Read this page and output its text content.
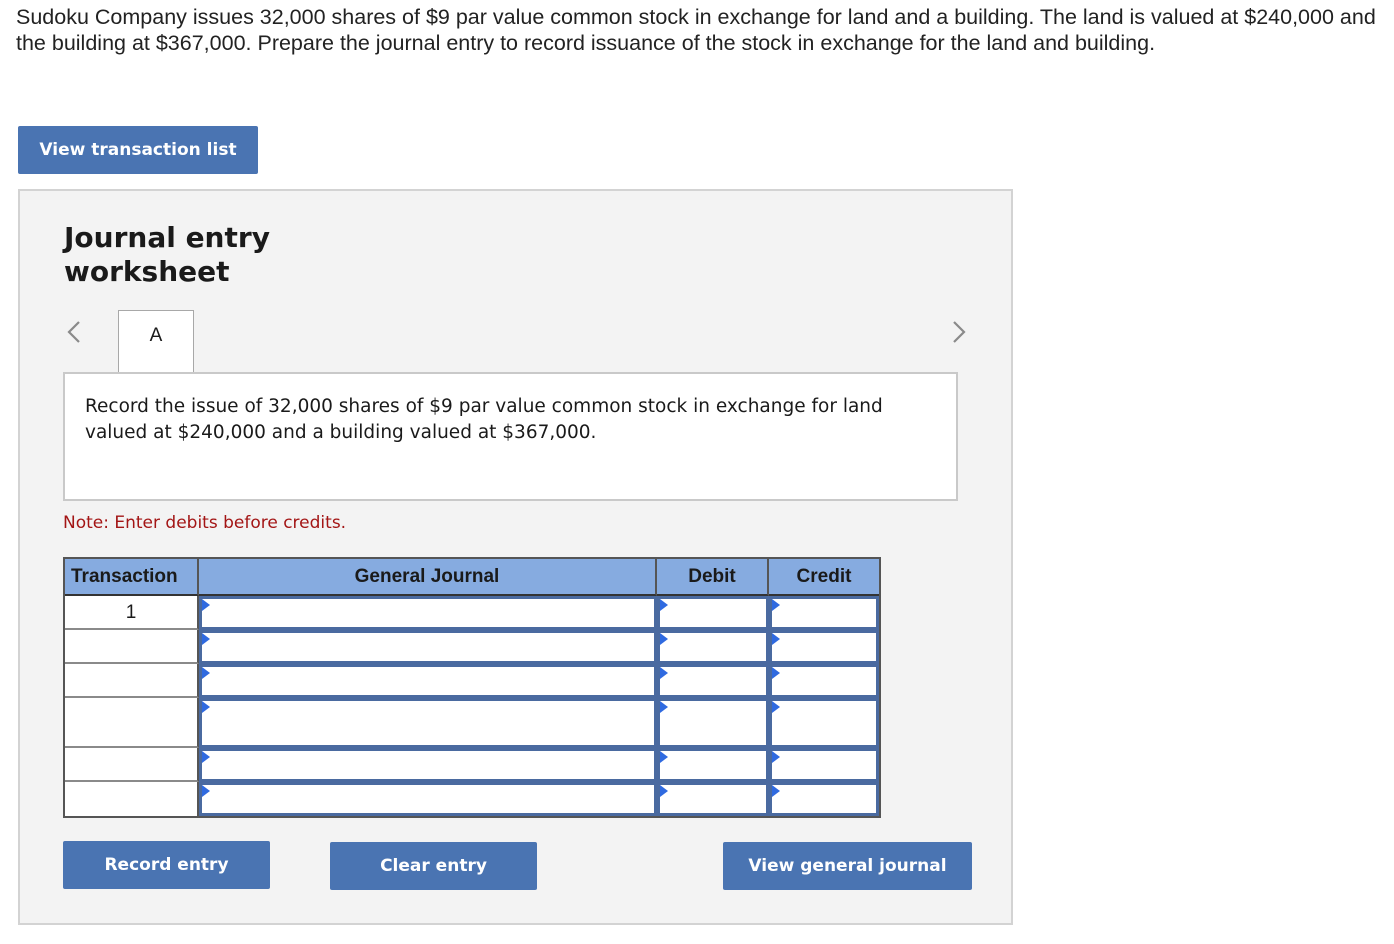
Sudoku Company issues 32,000 shares of $9 par value common stock in exchange for land and a building. The land is valued at $240,000 and the building at $367,000. Prepare the journal entry to record issuance of the stock in exchange for the land and building.
View transaction list
Journal entry worksheet
A
Record the issue of 32,000 shares of $9 par value common stock in exchange for land valued at $240,000 and a building valued at $367,000.
Note: Enter debits before credits.
Transaction	General Journal	Debit	Credit
1
Record entry	Clear entry	View general journal
